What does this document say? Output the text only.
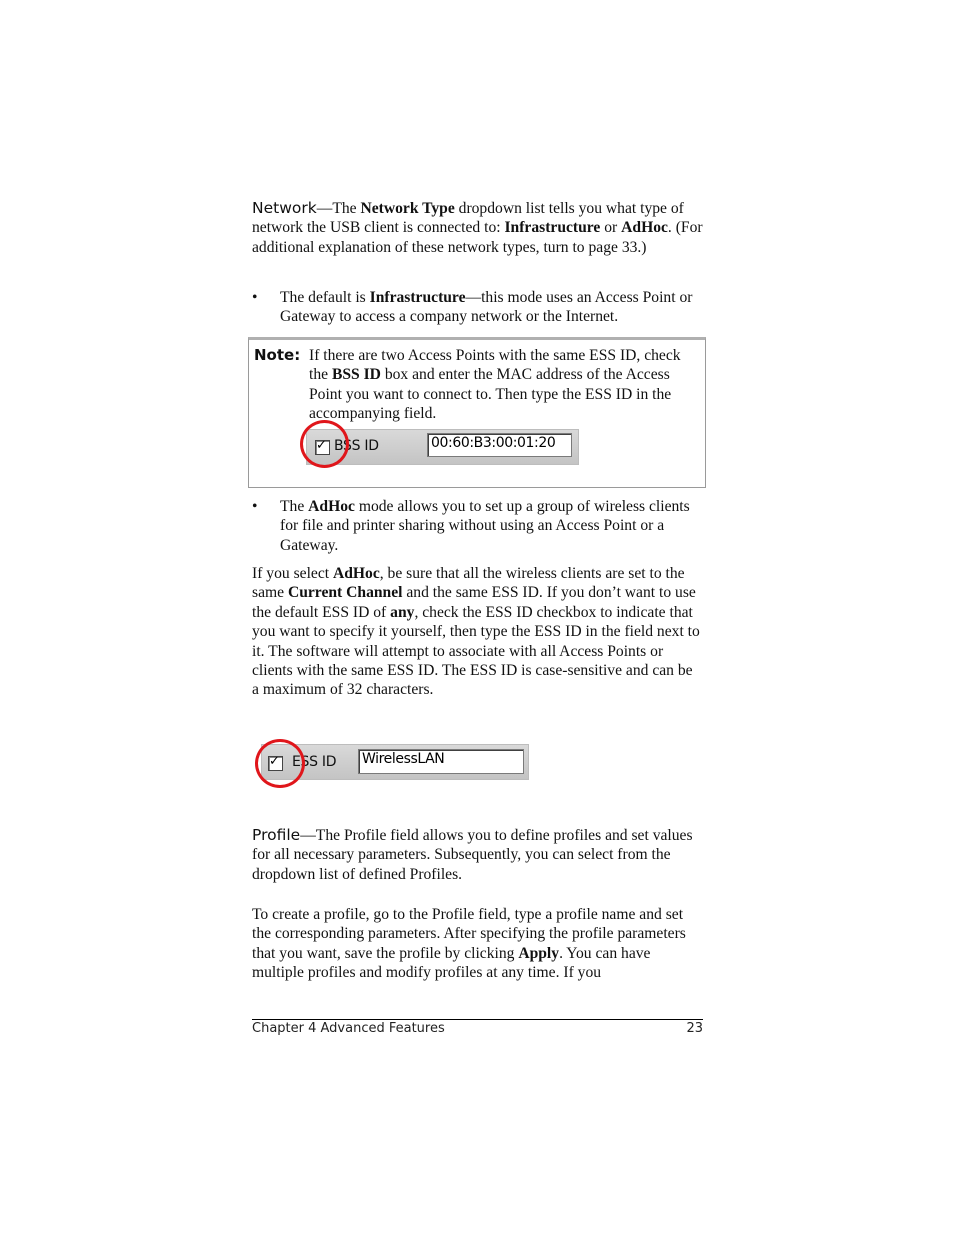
Network—The Network Type dropdown list tells you what type of network the USB client is connected to: Infrastructure or AdHoc. (For additional explanation of these network types, turn to page 33.)

•	The default is Infrastructure—this mode uses an Access Point or Gateway to access a company network or the Internet.
Note: If there are two Access Points with the same ESS ID, check the BSS ID box and enter the MAC address of the Access Point you want to connect to. Then type the ESS ID in the accompanying field.
✓ BSS ID	00:60:B3:00:01:20
•	The AdHoc mode allows you to set up a group of wireless clients for file and printer sharing without using an Access Point or a Gateway.

If you select AdHoc, be sure that all the wireless clients are set to the same Current Channel and the same ESS ID. If you don’t want to use the default ESS ID of any, check the ESS ID checkbox to indicate that you want to specify it yourself, then type the ESS ID in the field next to it. The software will attempt to associate with all Access Points or clients with the same ESS ID. The ESS ID is case-sensitive and can be a maximum of 32 characters.

✓ ESS ID WirelessLAN

Profile—The Profile field allows you to define profiles and set values for all necessary parameters. Subsequently, you can select from the dropdown list of defined Profiles.

To create a profile, go to the Profile field, type a profile name and set the corresponding parameters. After specifying the profile parameters that you want, save the profile by clicking Apply. You can have multiple profiles and modify profiles at any time. If you

Chapter 4 Advanced Features	23
